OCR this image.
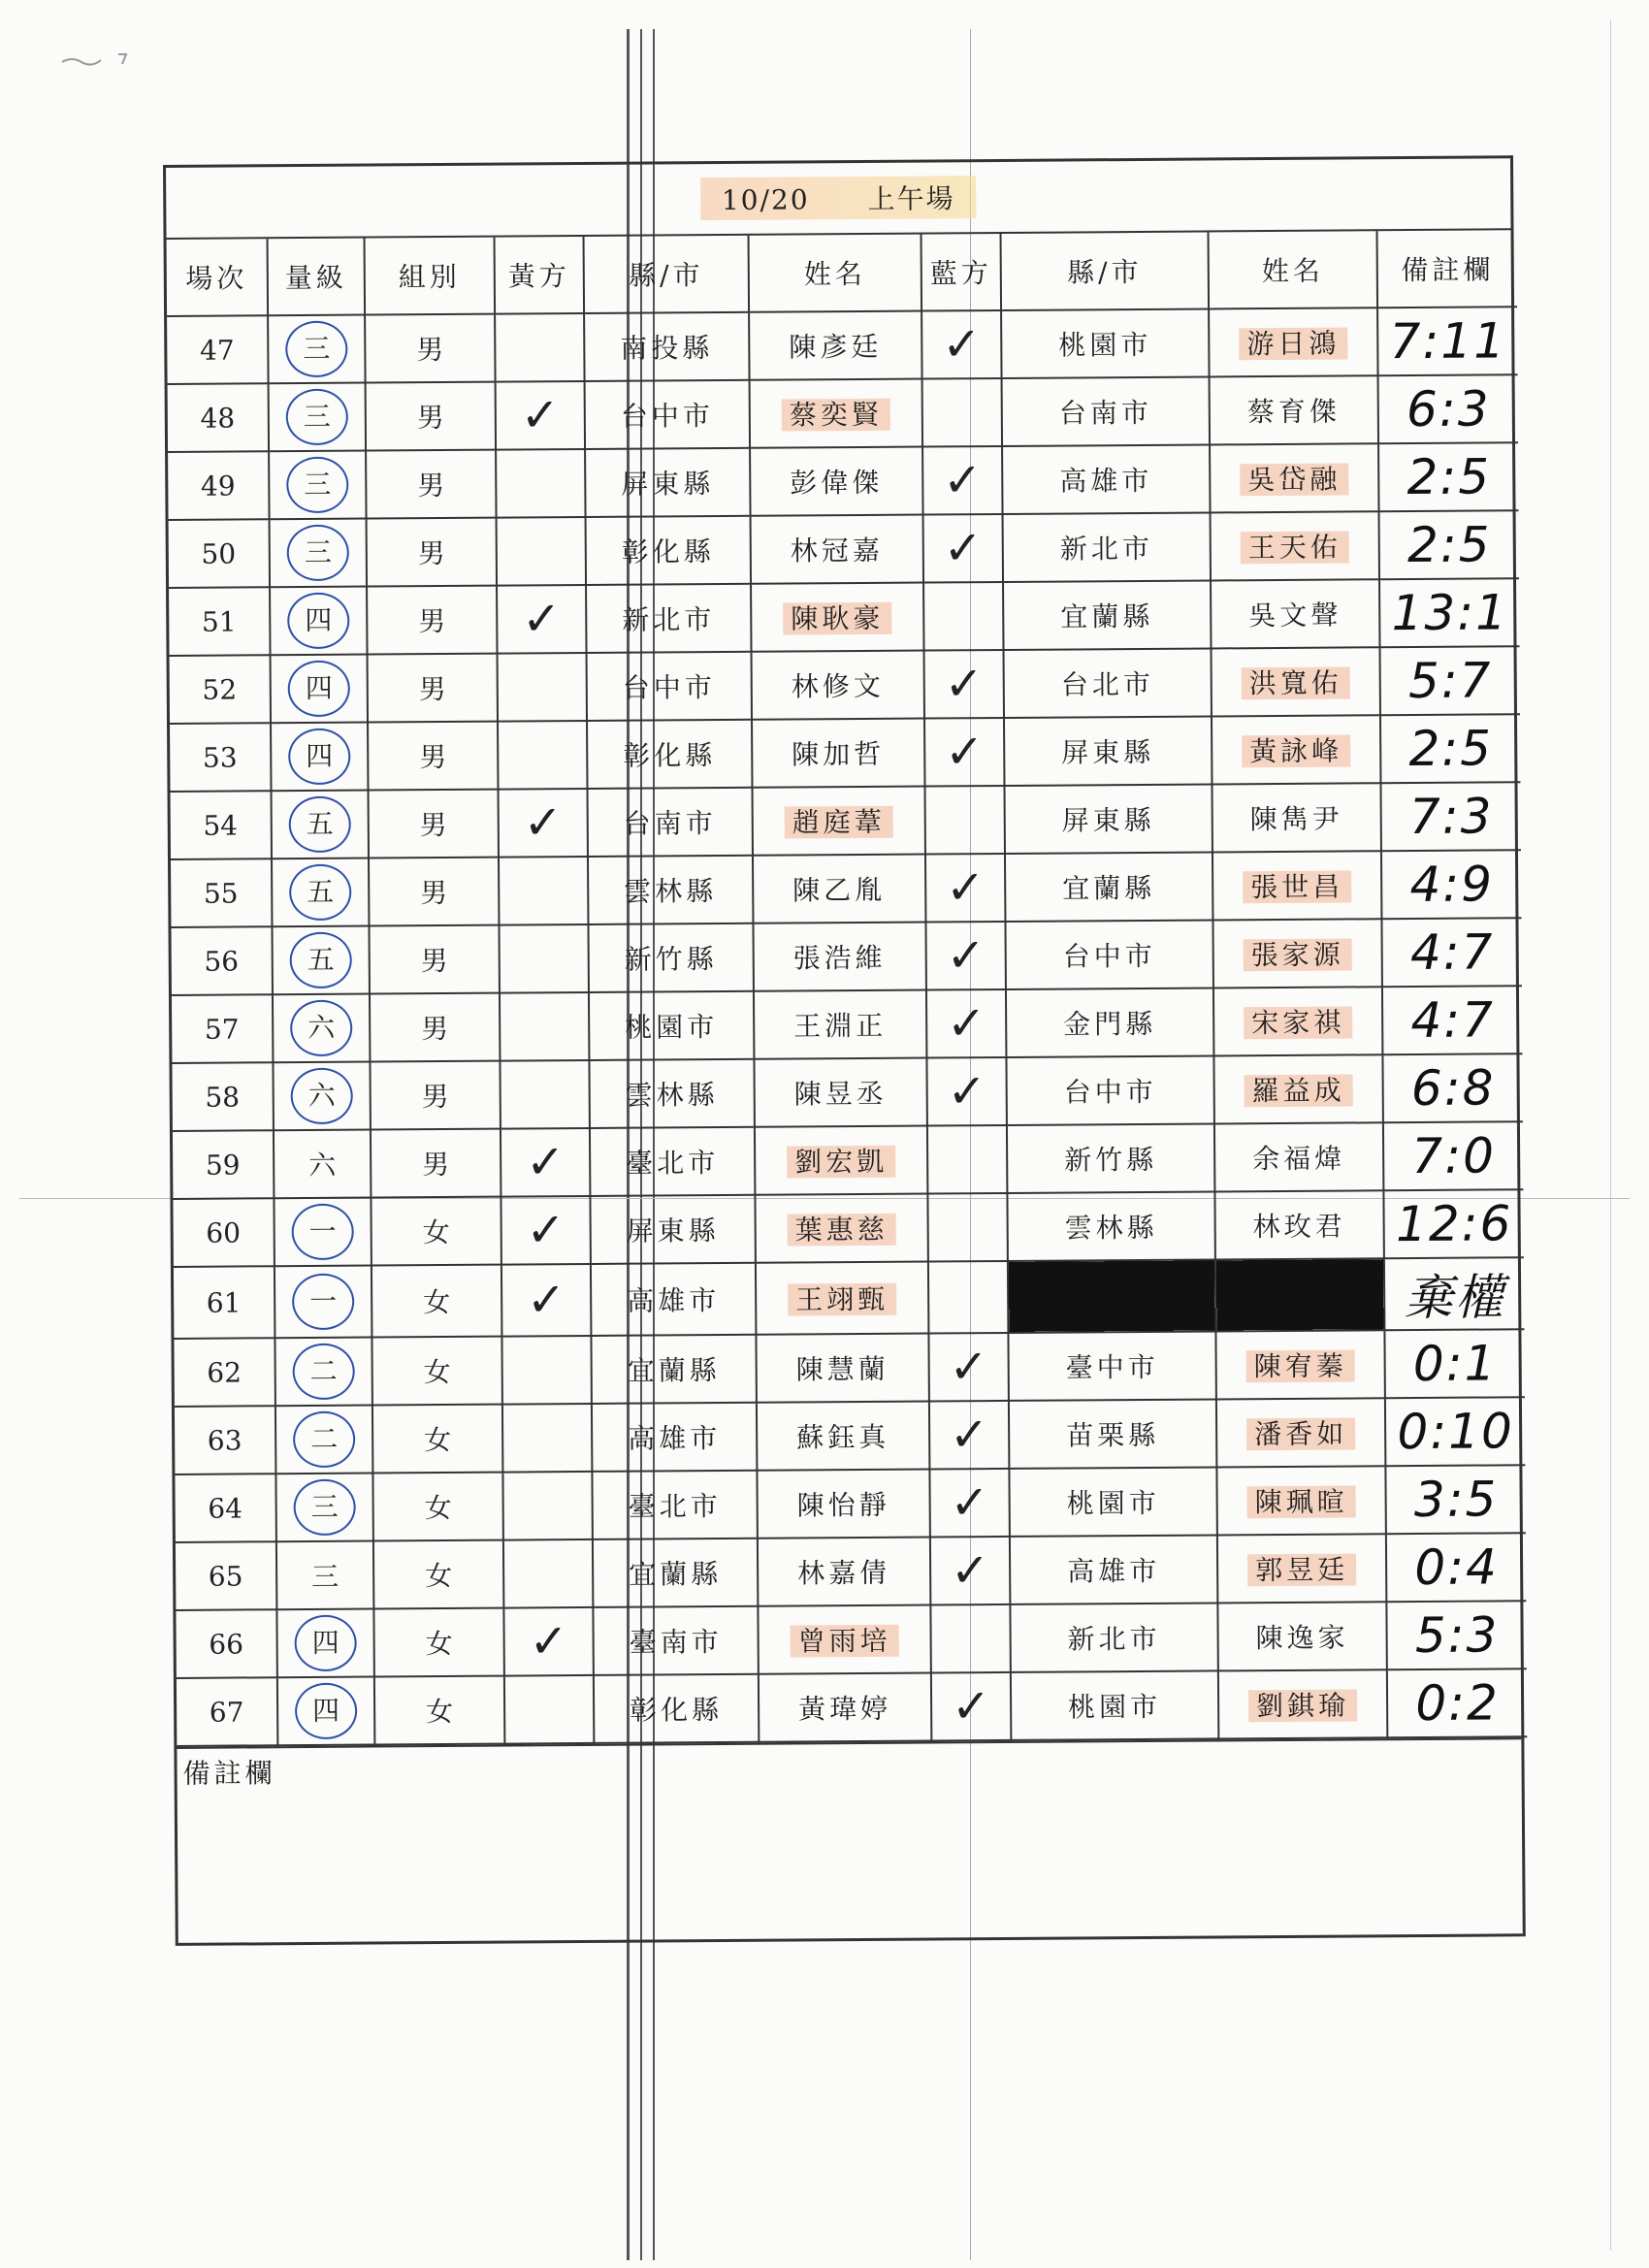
10/20 上午場
場次	量級	組別	黃方	縣/市	姓名	藍方	縣/市	姓名	備註欄
47	三	男		南投縣	陳彥廷	✓	桃園市	游日鴻	7:11
48	三	男	✓	台中市	蔡奕賢		台南市	蔡育傑	6:3
49	三	男		屏東縣	彭偉傑	✓	高雄市	吳岱融	2:5
50	三	男		彰化縣	林冠嘉	✓	新北市	王天佑	2:5
51	四	男	✓	新北市	陳耿豪		宜蘭縣	吳文聲	13:1
52	四	男		台中市	林修文	✓	台北市	洪寬佑	5:7
53	四	男		彰化縣	陳加哲	✓	屏東縣	黃詠峰	2:5
54	五	男	✓	台南市	趙庭葦		屏東縣	陳雋尹	7:3
55	五	男		雲林縣	陳乙胤	✓	宜蘭縣	張世昌	4:9
56	五	男		新竹縣	張浩維	✓	台中市	張家源	4:7
57	六	男		桃園市	王淵正	✓	金門縣	宋家祺	4:7
58	六	男		雲林縣	陳昱丞	✓	台中市	羅益成	6:8
59	六	男	✓	臺北市	劉宏凱		新竹縣	余福煒	7:0
60	一	女	✓	屏東縣	葉惠慈		雲林縣	林玫君	12:6
61	一	女	✓	高雄市	王翊甄				棄權
62	二	女		宜蘭縣	陳慧蘭	✓	臺中市	陳宥蓁	0:1
63	二	女		高雄市	蘇鈺真	✓	苗栗縣	潘香如	0:10
64	三	女		臺北市	陳怡靜	✓	桃園市	陳珮暄	3:5
65	三	女		宜蘭縣	林嘉倩	✓	高雄市	郭昱廷	0:4
66	四	女	✓	臺南市	曾雨培		新北市	陳逸家	5:3
67	四	女		彰化縣	黃瑋婷	✓	桃園市	劉錤瑜	0:2
備註欄
